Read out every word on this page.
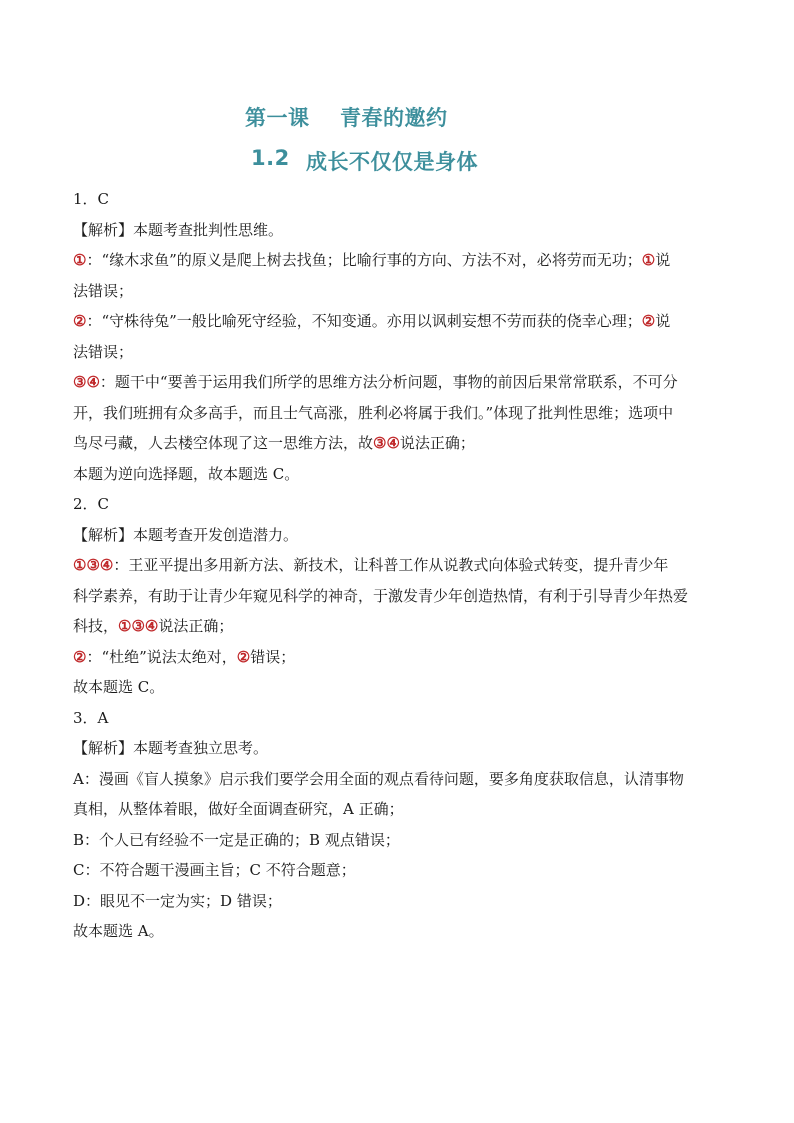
第一课 青春的邀约
1.2 成长不仅仅是身体
1．C
【解析】本题考查批判性思维。
①：“缘木求鱼”的原义是爬上树去找鱼；比喻行事的方向、方法不对，必将劳而无功；①说
法错误；
②：“守株待兔”一般比喻死守经验，不知变通。亦用以讽刺妄想不劳而获的侥幸心理；②说
法错误；
③④：题干中“要善于运用我们所学的思维方法分析问题，事物的前因后果常常联系，不可分
开，我们班拥有众多高手，而且士气高涨，胜利必将属于我们。”体现了批判性思维；选项中
鸟尽弓藏，人去楼空体现了这一思维方法，故③④说法正确；
本题为逆向选择题，故本题选 C。
2．C
【解析】本题考查开发创造潜力。
①③④：王亚平提出多用新方法、新技术，让科普工作从说教式向体验式转变，提升青少年
科学素养，有助于让青少年窥见科学的神奇，于激发青少年创造热情，有利于引导青少年热爱
科技，①③④说法正确；
②：“杜绝”说法太绝对，②错误；
故本题选 C。
3．A
【解析】本题考查独立思考。
A：漫画《盲人摸象》启示我们要学会用全面的观点看待问题，要多角度获取信息，认清事物
真相，从整体着眼，做好全面调查研究，A 正确；
B：个人已有经验不一定是正确的；B 观点错误；
C：不符合题干漫画主旨；C 不符合题意；
D：眼见不一定为实；D 错误；
故本题选 A。
